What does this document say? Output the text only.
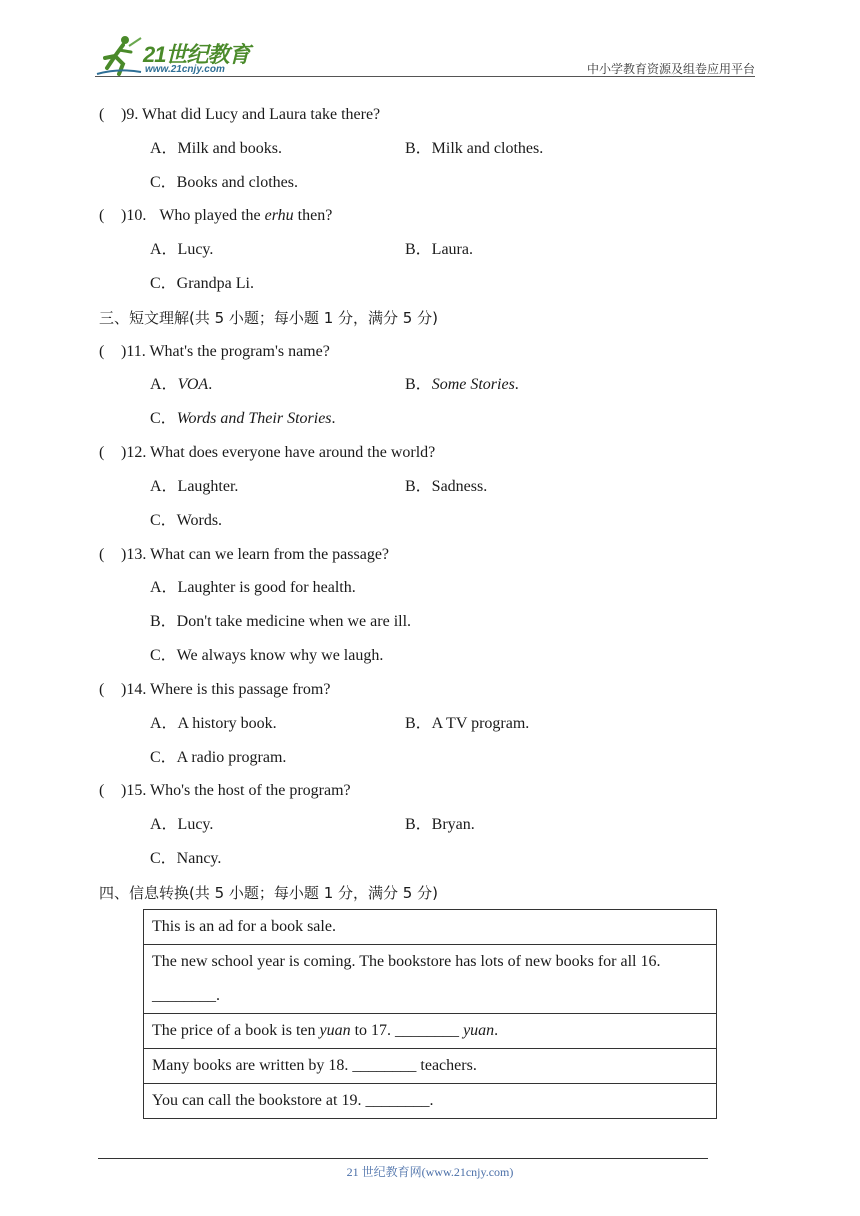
21世纪教育
www.21cnjy.com	中小学教育资源及组卷应用平台
( )9. What did Lucy and Laura take there?
A．Milk and books.	B．Milk and clothes.
C．Books and clothes.
( )10. Who played the erhu then?
A．Lucy.	B．Laura.
C．Grandpa Li.
三、短文理解(共 5 小题；每小题 1 分，满分 5 分)
( )11. What's the program's name?
A．VOA.	B．Some Stories.
C．Words and Their Stories.
( )12. What does everyone have around the world?
A．Laughter.	B．Sadness.
C．Words.
( )13. What can we learn from the passage?
A．Laughter is good for health.
B．Don't take medicine when we are ill.
C．We always know why we laugh.
( )14. Where is this passage from?
A．A history book.	B．A TV program.
C．A radio program.
( )15. Who's the host of the program?
A．Lucy.	B．Bryan.
C．Nancy.
四、信息转换(共 5 小题；每小题 1 分，满分 5 分)
This is an ad for a book sale.

The new school year is coming. The bookstore has lots of new books for all 16.
________.

The price of a book is ten yuan to 17. ________ yuan.
Many books are written by 18. ________ teachers.
You can call the bookstore at 19. ________.
21 世纪教育网(www.21cnjy.com)
